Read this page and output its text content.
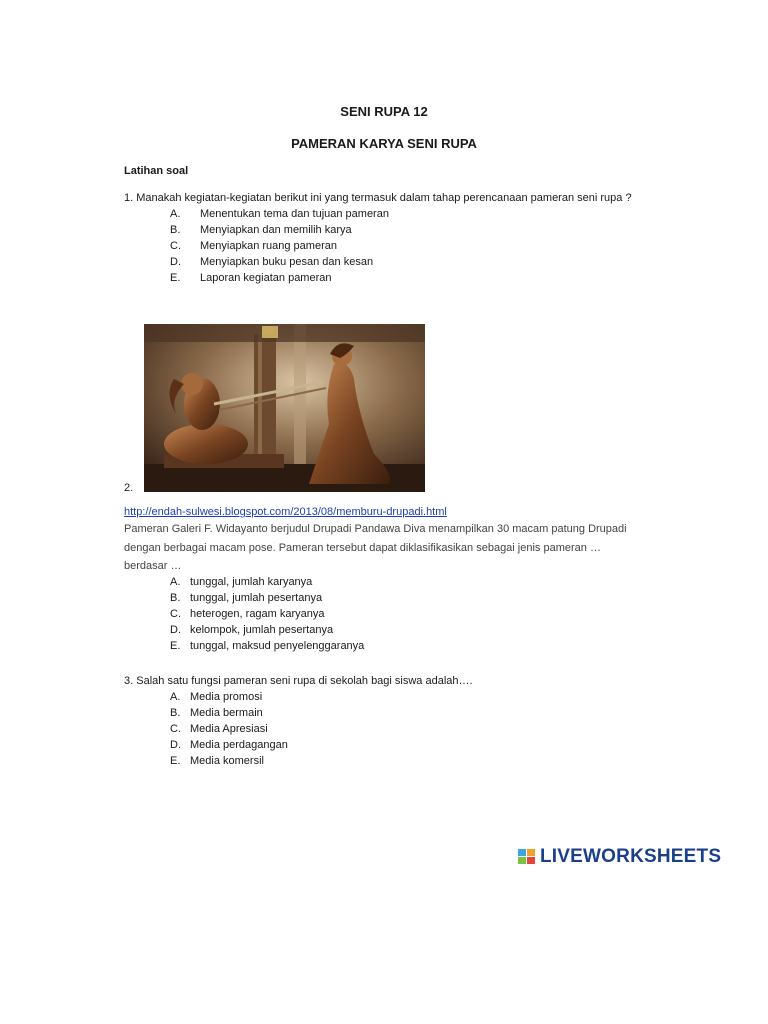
SENI RUPA 12
PAMERAN KARYA SENI RUPA
Latihan soal
1. Manakah kegiatan-kegiatan berikut ini yang termasuk dalam tahap perencanaan pameran seni rupa ?
A. Menentukan tema dan tujuan pameran
B. Menyiapkan dan memilih karya
C. Menyiapkan ruang pameran
D. Menyiapkan buku pesan dan kesan
E. Laporan kegiatan pameran
2.
http://endah-sulwesi.blogspot.com/2013/08/memburu-drupadi.html
Pameran Galeri F. Widayanto berjudul Drupadi Pandawa Diva menampilkan 30 macam patung Drupadi
dengan berbagai macam pose. Pameran tersebut dapat diklasifikasikan sebagai jenis pameran …
berdasar …
A. tunggal, jumlah karyanya
B. tunggal, jumlah pesertanya
C. heterogen, ragam karyanya
D. kelompok, jumlah pesertanya
E. tunggal, maksud penyelenggaranya
3. Salah satu fungsi pameran seni rupa di sekolah bagi siswa adalah….
A. Media promosi
B. Media bermain
C. Media Apresiasi
D. Media perdagangan
E. Media komersil
LIVEWORKSHEETS
